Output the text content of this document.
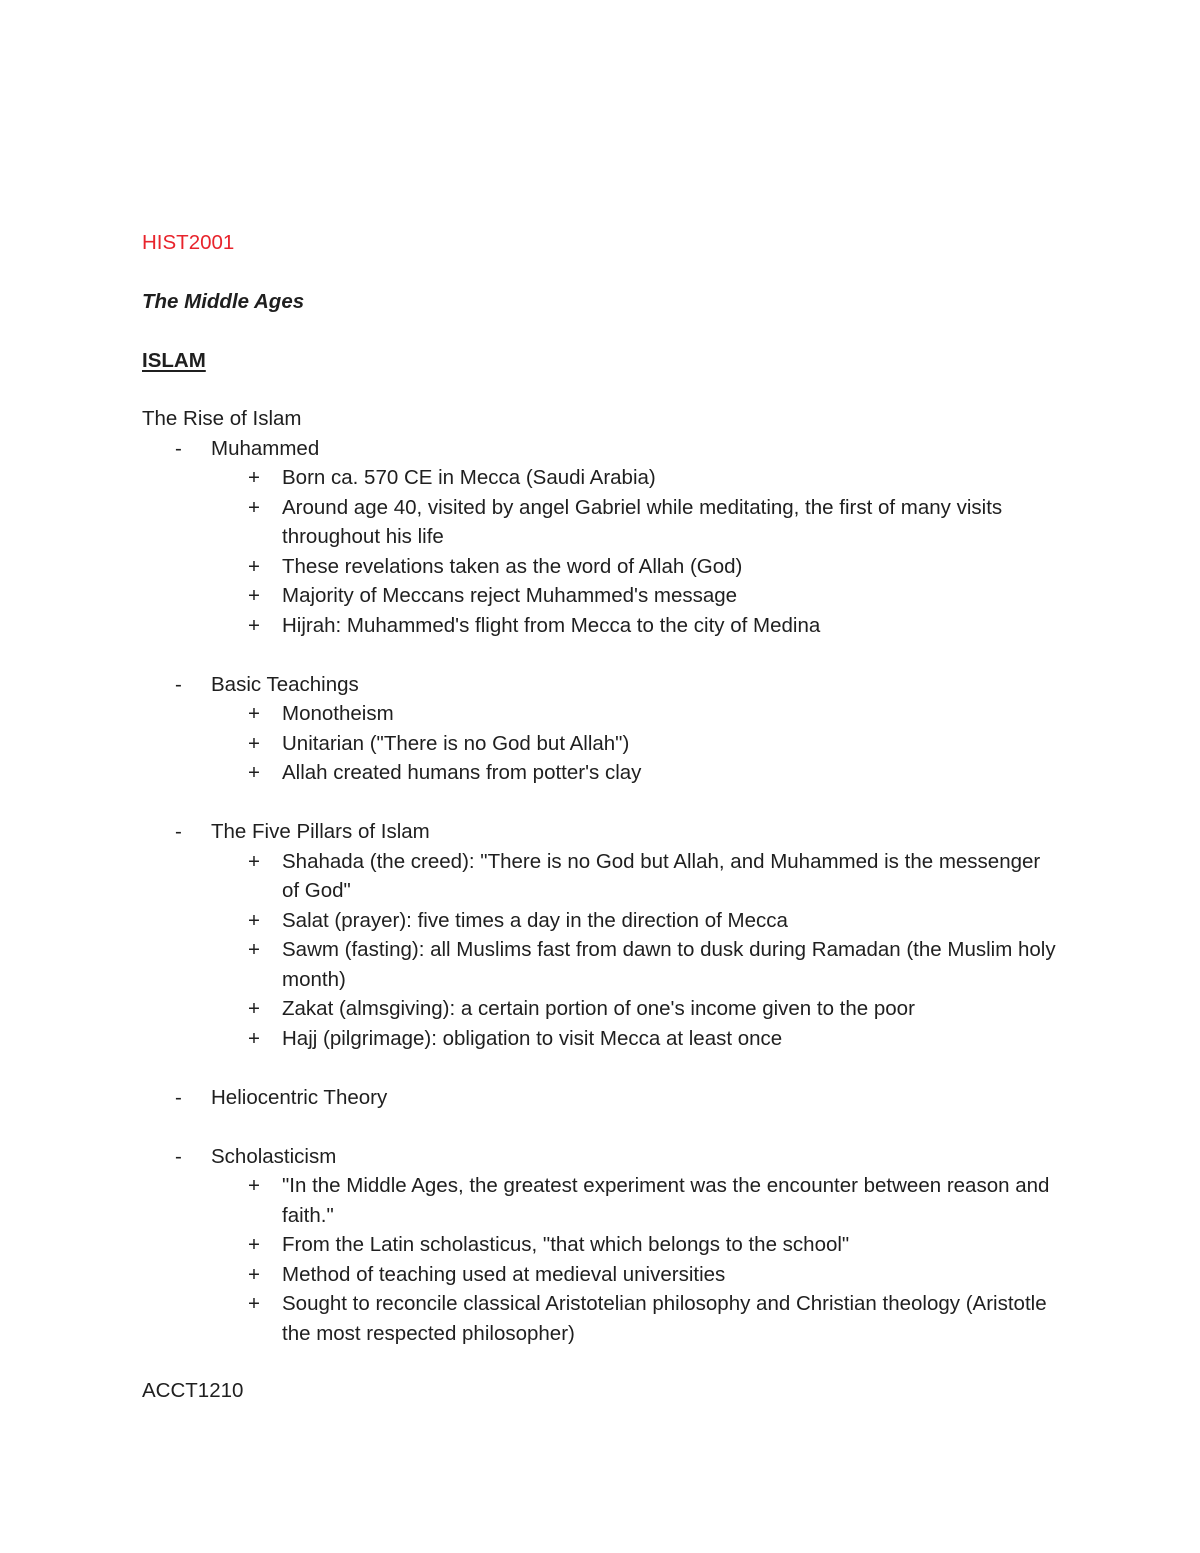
HIST2001
The Middle Ages
ISLAM
The Rise of Islam
- Muhammed
+ Born ca. 570 CE in Mecca (Saudi Arabia)
+ Around age 40, visited by angel Gabriel while meditating, the first of many visits throughout his life
+ These revelations taken as the word of Allah (God)
+ Majority of Meccans reject Muhammed's message
+ Hijrah: Muhammed's flight from Mecca to the city of Medina
- Basic Teachings
+ Monotheism
+ Unitarian ("There is no God but Allah")
+ Allah created humans from potter's clay
- The Five Pillars of Islam
+ Shahada (the creed): "There is no God but Allah, and Muhammed is the messenger of God"
+ Salat (prayer): five times a day in the direction of Mecca
+ Sawm (fasting): all Muslims fast from dawn to dusk during Ramadan (the Muslim holy month)
+ Zakat (almsgiving): a certain portion of one's income given to the poor
+ Hajj (pilgrimage): obligation to visit Mecca at least once
- Heliocentric Theory
- Scholasticism
+ "In the Middle Ages, the greatest experiment was the encounter between reason and faith."
+ From the Latin scholasticus, "that which belongs to the school"
+ Method of teaching used at medieval universities
+ Sought to reconcile classical Aristotelian philosophy and Christian theology (Aristotle the most respected philosopher)
ACCT1210
